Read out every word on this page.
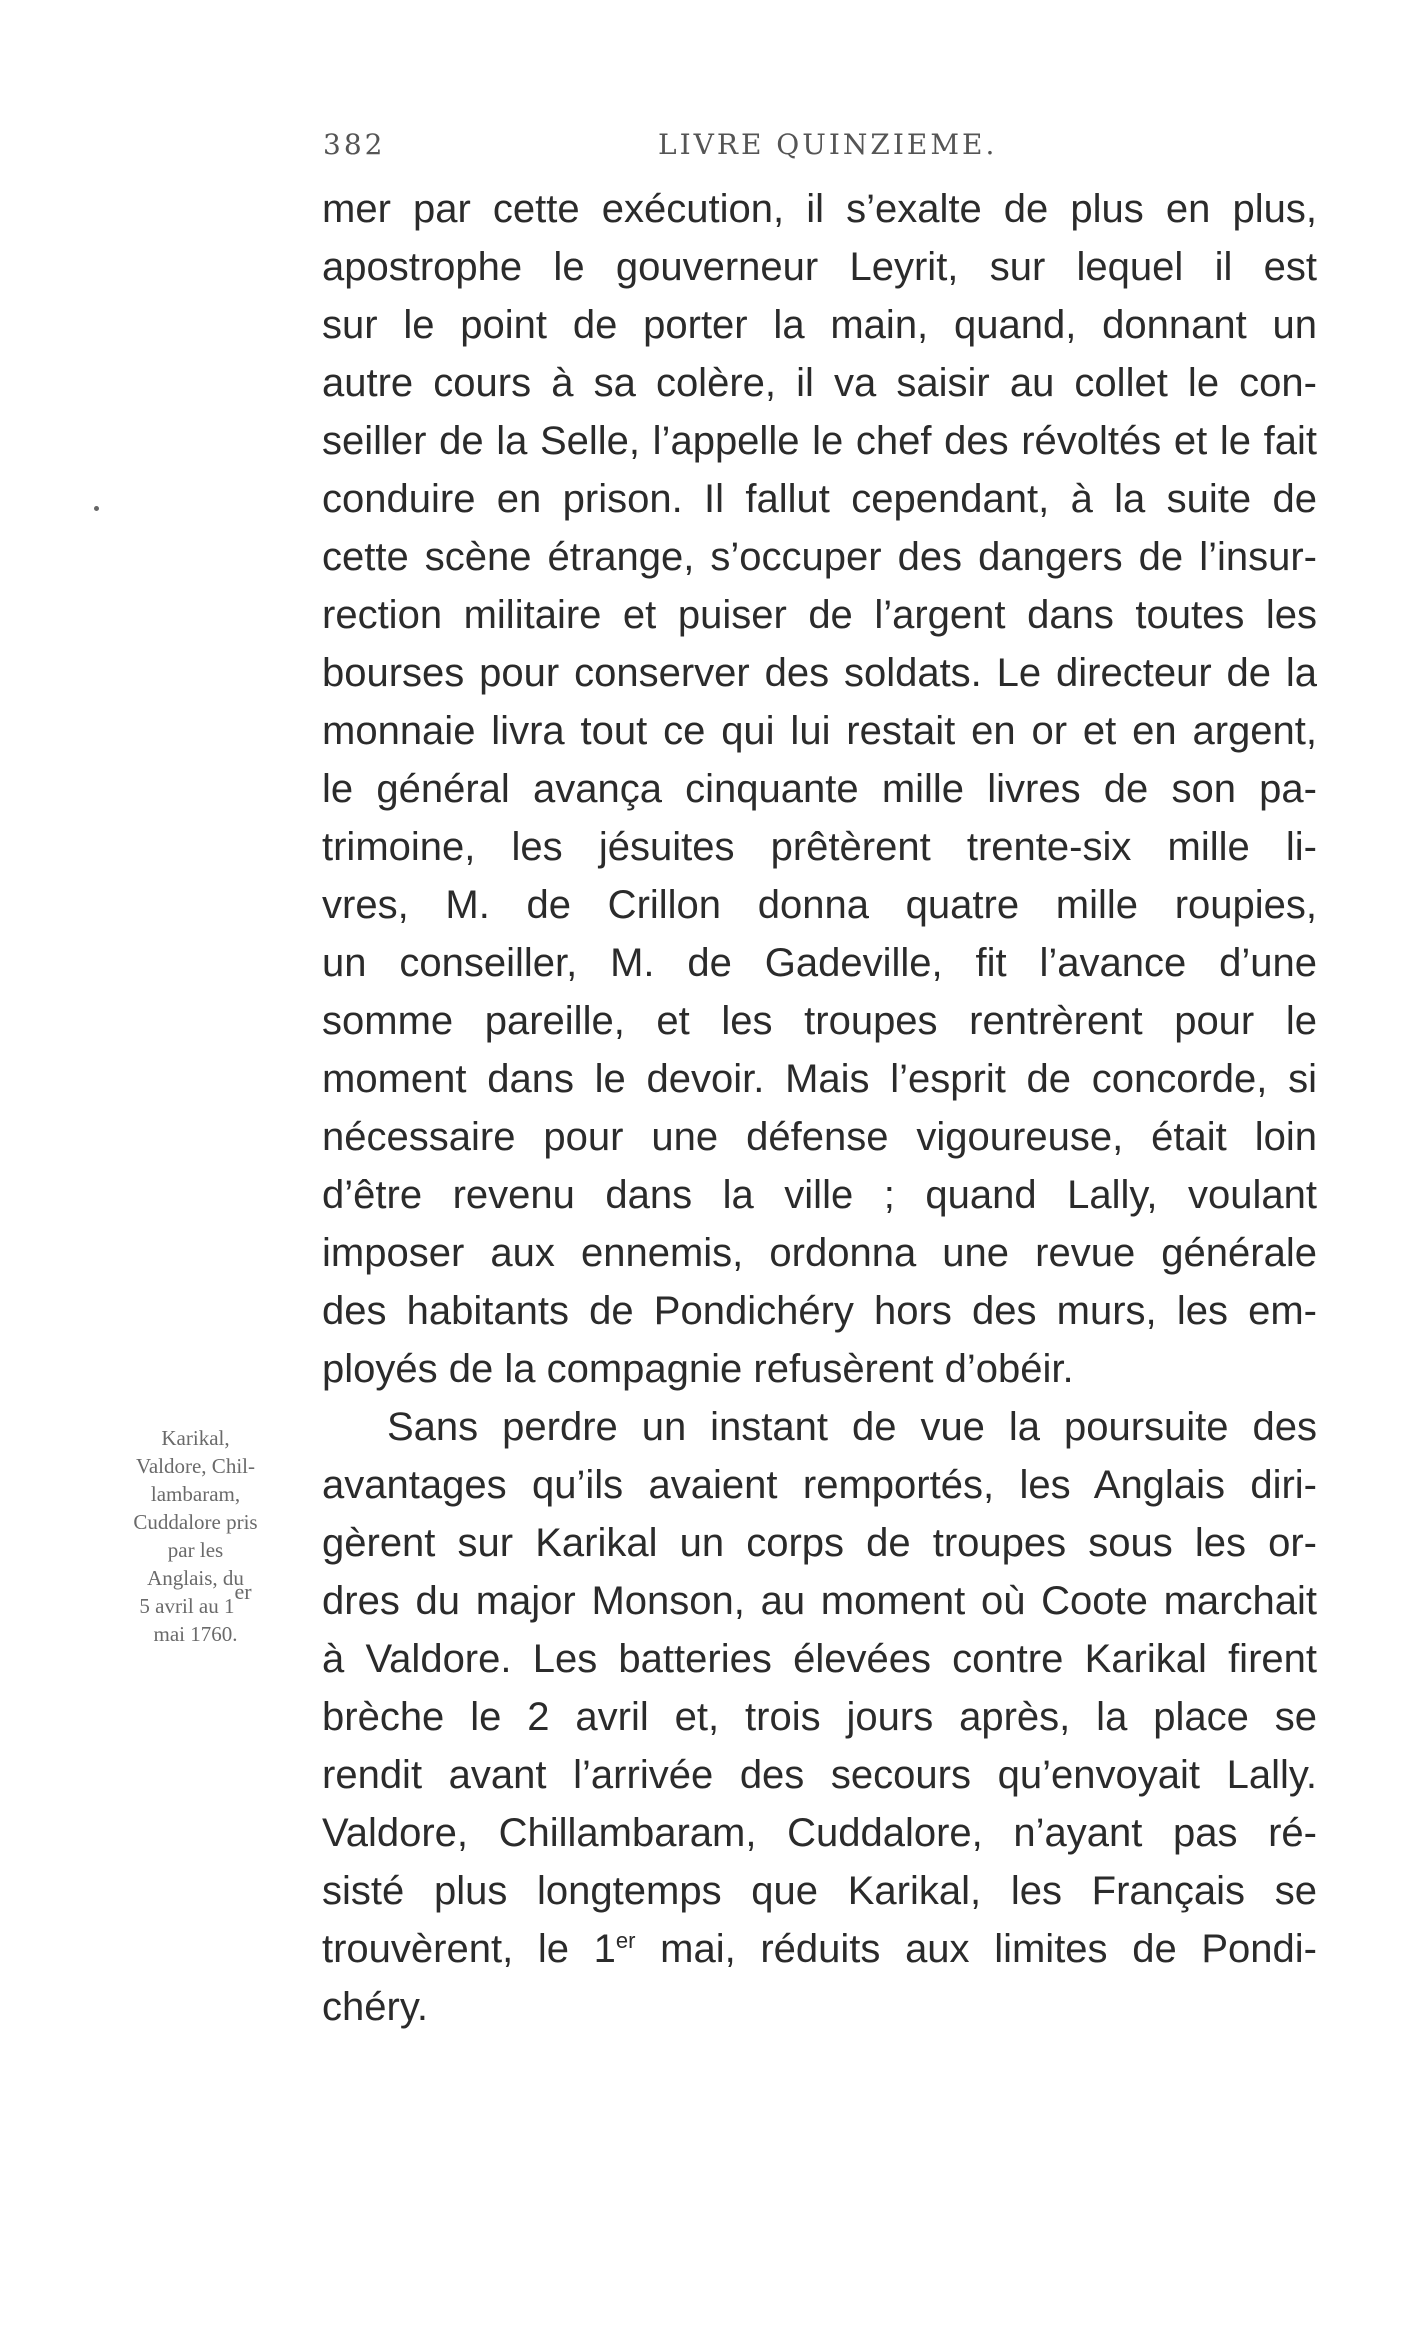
382	LIVRE QUINZIEME.
Karikal,
Valdore, Chil-
lambaram,
Cuddalore pris
par les
Anglais, du
5 avril au 1er
mai 1760.
mer par cette exécution, il s’exalte de plus en plus,
apostrophe le gouverneur Leyrit, sur lequel il est
sur le point de porter la main, quand, donnant un
autre cours à sa colère, il va saisir au collet le con-
seiller de la Selle, l’appelle le chef des révoltés et le fait
conduire en prison. Il fallut cependant, à la suite de
cette scène étrange, s’occuper des dangers de l’insur-
rection militaire et puiser de l’argent dans toutes les
bourses pour conserver des soldats. Le directeur de la
monnaie livra tout ce qui lui restait en or et en argent,
le général avança cinquante mille livres de son pa-
trimoine, les jésuites prêtèrent trente-six mille li-
vres, M. de Crillon donna quatre mille roupies,
un conseiller, M. de Gadeville, fit l’avance d’une
somme pareille, et les troupes rentrèrent pour le
moment dans le devoir. Mais l’esprit de concorde, si
nécessaire pour une défense vigoureuse, était loin
d’être revenu dans la ville ; quand Lally, voulant
imposer aux ennemis, ordonna une revue générale
des habitants de Pondichéry hors des murs, les em-
ployés de la compagnie refusèrent d’obéir.
Sans perdre un instant de vue la poursuite des
avantages qu’ils avaient remportés, les Anglais diri-
gèrent sur Karikal un corps de troupes sous les or-
dres du major Monson, au moment où Coote marchait
à Valdore. Les batteries élevées contre Karikal firent
brèche le 2 avril et, trois jours après, la place se
rendit avant l’arrivée des secours qu’envoyait Lally.
Valdore, Chillambaram, Cuddalore, n’ayant pas ré-
sisté plus longtemps que Karikal, les Français se
trouvèrent, le 1er mai, réduits aux limites de Pondi-
chéry.
